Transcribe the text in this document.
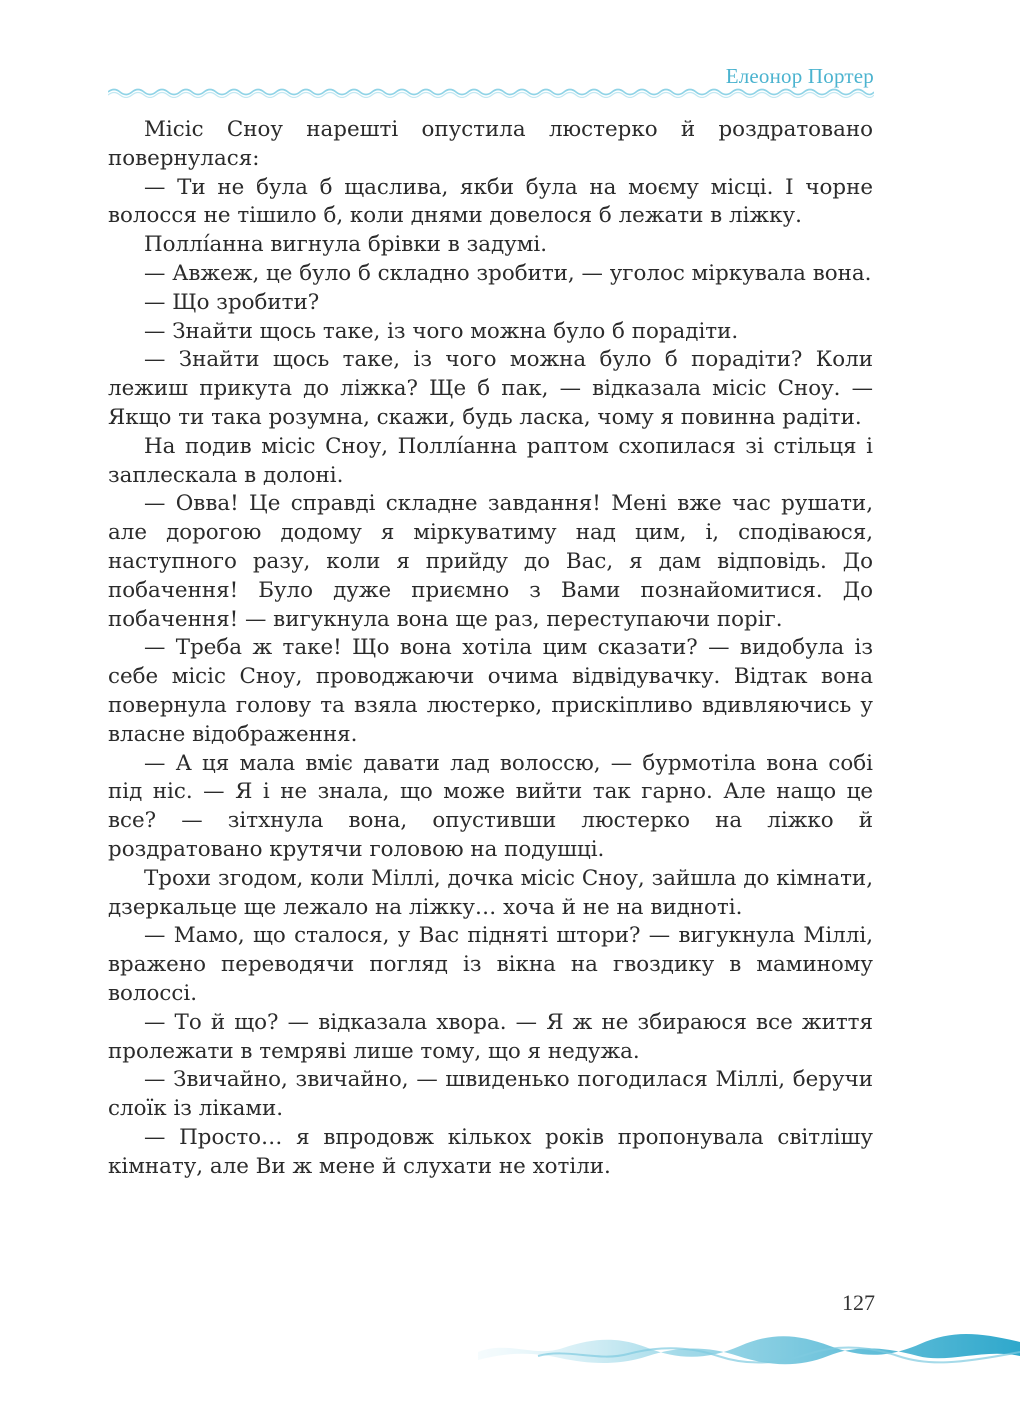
Елеонор Портер

Місіс Сноу нарешті опустила люстерко й роздратовано повернулася:

— Ти не була б щаслива, якби була на моєму місці. І чорне волосся не тішило б, коли днями довелося б лежати в ліжку.

Поллíанна вигнула брівки в задумі.

— Авжеж, це було б складно зробити, — уголос міркувала вона.

— Що зробити?

— Знайти щось таке, із чого можна було б порадіти.

— Знайти щось таке, із чого можна було б порадіти? Коли лежиш прикута до ліжка? Ще б пак, — відказала місіс Сноу. — Якщо ти така розумна, скажи, будь ласка, чому я повинна радіти.

На подив місіс Сноу, Поллíанна раптом схопилася зі стільця і заплескала в долоні.

— Овва! Це справді складне завдання! Мені вже час рушати, але дорогою додому я міркуватиму над цим, і, сподіваюся, наступного разу, коли я прийду до Вас, я дам відповідь. До побачення! Було дуже приємно з Вами познайомитися. До побачення! — вигукнула вона ще раз, переступаючи поріг.

— Треба ж таке! Що вона хотіла цим сказати? — видобула із себе місіс Сноу, проводжаючи очима відвідувачку. Відтак вона повернула голову та взяла люстерко, прискіпливо вдивляючись у власне відображення.

— А ця мала вміє давати лад волоссю, — бурмотіла вона собі під ніс. — Я і не знала, що може вийти так гарно. Але нащо це все? — зітхнула вона, опустивши люстерко на ліжко й роздратовано крутячи головою на подушці.

Трохи згодом, коли Міллі, дочка місіс Сноу, зайшла до кімнати, дзеркальце ще лежало на ліжку… хоча й не на видноті.

— Мамо, що сталося, у Вас підняті штори? — вигукнула Міллі, вражено переводячи погляд із вікна на гвоздику в маминому волоссі.

— То й що? — відказала хвора. — Я ж не збираюся все життя пролежати в темряві лише тому, що я недужа.

— Звичайно, звичайно, — швиденько погодилася Міллі, беручи слоїк із ліками.

— Просто… я впродовж кількох років пропонувала світлішу кімнату, але Ви ж мене й слухати не хотіли.

127
